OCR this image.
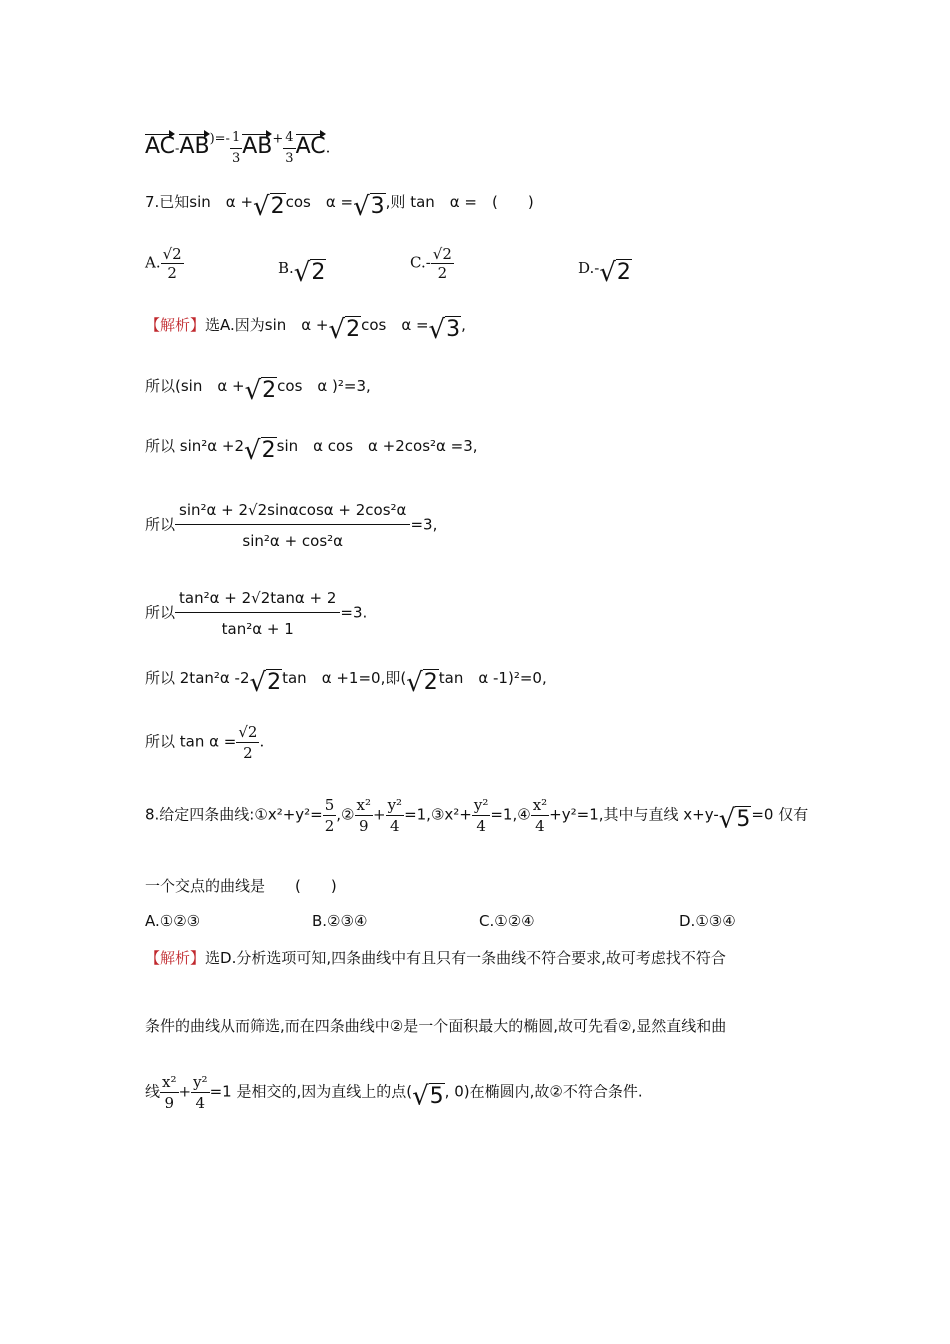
$AC-AB)=- \frac{1}{3} AB+ \frac{4}{3}$ AC.
7.已知sin　α +√2cos　α =√3,则 tan　α =　(　　)
A. $\frac{√2}{2}$	B.√2	$C.- \frac{√2}{2}$	D.-√2
【解析】选A.因为sin　α +√2cos　α =√3,
所以(sin　α +√2cos　α )²=3,
所以 sin²α +2√2sin　α cos　α +2cos²α =3,
所以 $\frac{\text{sin²α + 2√2sinαcosα + 2cos²α}}{\text{sin²α + cos²α}} =3$,
所以 $\frac{\text{tan²α + 2√2tanα + 2}}{\text{tan²α + 1}} =3$.
所以 2tan²α -2√2tan　α +1=0,即(√2tan　α -1)²=0,
所以 $\tan \alpha = \frac{√2}{2}$ .
8.给定四条曲线:①x²+y²= $\frac{5}{2}$ ,② $\frac{\text{x²}}{9} + \frac{\text{y²}}{4}$ =1,③x²+ $\frac{\text{y²}}{4}$ =1,④ $\frac{\text{x²}}{4} +y^2=1$,其中与直线 x+y-√5=0 仅有
一个交点的曲线是　　(　　)
A.①②③	B.②③④	C.①②④	D.①③④
【解析】选D.分析选项可知,四条曲线中有且只有一条曲线不符合要求,故可考虑找不符合
条件的曲线从而筛选,而在四条曲线中②是一个面积最大的椭圆,故可先看②,显然直线和曲
线 $\frac{\text{x²}}{9} + \frac{\text{y²}}{4} =1$ 是相交的,因为直线上的点(√5, 0)在椭圆内,故②不符合条件.
